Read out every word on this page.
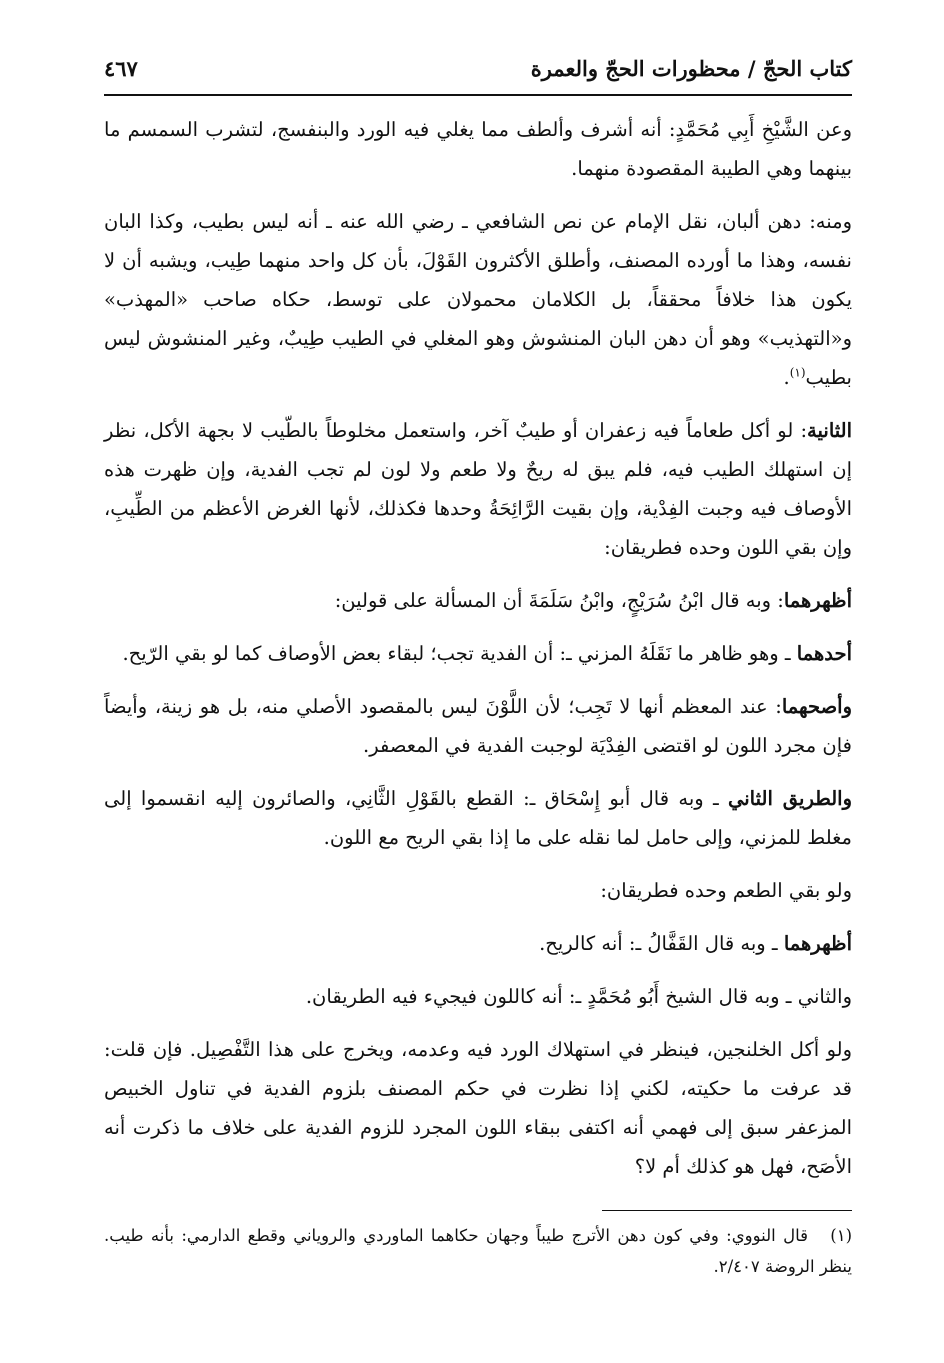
كتاب الحجّ / محظورات الحجّ والعمرة
٤٦٧

وعن الشَّيْخِ أَبِي مُحَمَّدٍ: أنه أشرف وألطف مما يغلي فيه الورد والبنفسج، لتشرب السمسم ما بينهما وهي الطيبة المقصودة منهما.

ومنه: دهن ألبان، نقل الإمام عن نص الشافعي ـ رضي الله عنه ـ أنه ليس بطيب، وكذا البان نفسه، وهذا ما أورده المصنف، وأطلق الأكثرون القَوْلَ، بأن كل واحد منهما طِيب، ويشبه أن لا يكون هذا خلافاً محققاً، بل الكلامان محمولان على توسط، حكاه صاحب «المهذب» و«التهذيب» وهو أن دهن البان المنشوش وهو المغلي في الطيب طِيبٌ، وغير المنشوش ليس بطيب$^{(١)}$.

الثانية: لو أكل طعاماً فيه زعفران أو طيبٌ آخر، واستعمل مخلوطاً بالطّيب لا بجهة الأكل، نظر إن استهلك الطيب فيه، فلم يبق له ريحٌ ولا طعم ولا لون لم تجب الفدية، وإن ظهرت هذه الأوصاف فيه وجبت الفِدْية، وإن بقيت الرَّائِحَةُ وحدها فكذلك، لأنها الغرض الأعظم من الطِّيبِ، وإن بقي اللون وحده فطريقان:

أظهرهما: وبه قال ابْنُ سُرَيْجٍ، وابْنُ سَلَمَةَ أن المسألة على قولين:

أحدهما ـ وهو ظاهر ما نَقَلَهُ المزني ـ: أن الفدية تجب؛ لبقاء بعض الأوصاف كما لو بقي الرّيح.

وأصحهما: عند المعظم أنها لا تَجِب؛ لأن اللَّوْنَ ليس بالمقصود الأصلي منه، بل هو زينة، وأيضاً فإن مجرد اللون لو اقتضى الفِدْيَة لوجبت الفدية في المعصفر.

والطريق الثاني ـ وبه قال أبو إِسْحَاق ـ: القطع بالقَوْلِ الثَّانِي، والصائرون إليه انقسموا إلى مغلط للمزني، وإلى حامل لما نقله على ما إذا بقي الريح مع اللون.

ولو بقي الطعم وحده فطريقان:

أظهرهما ـ وبه قال القَفَّالُ ـ: أنه كالريح.

والثاني ـ وبه قال الشيخ أَبُو مُحَمَّدٍ ـ: أنه كاللون فيجيء فيه الطريقان.

ولو أكل الخلنجين، فينظر في استهلاك الورد فيه وعدمه، ويخرج على هذا التَّفْصِيل. فإن قلت: قد عرفت ما حكيته، لكني إذا نظرت في حكم المصنف بلزوم الفدية في تناول الخبيص المزعفر سبق إلى فهمي أنه اكتفى ببقاء اللون المجرد للزوم الفدية على خلاف ما ذكرت أنه الأصَح، فهل هو كذلك أم لا؟

(١)قال النووي: وفي كون دهن الأترج طيباً وجهان حكاهما الماوردي والروياني وقطع الدارمي: بأنه طيب. ينظر الروضة ٢/٤٠٧.
